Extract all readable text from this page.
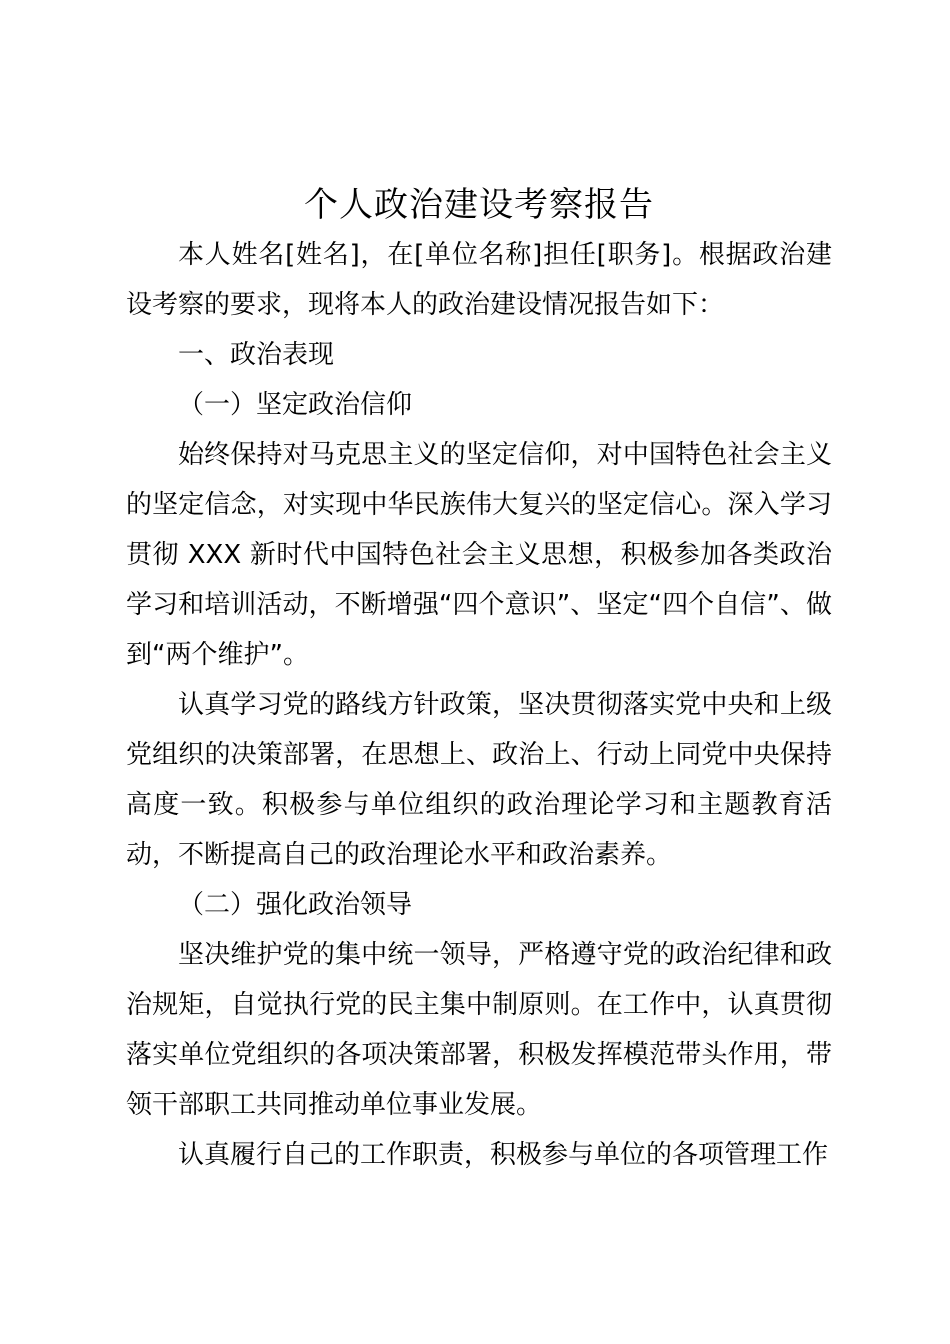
个人政治建设考察报告

本人姓名[姓名]，在[单位名称]担任[职务]。根据政治建设考察的要求，现将本人的政治建设情况报告如下：

一、政治表现

（一）坚定政治信仰

始终保持对马克思主义的坚定信仰，对中国特色社会主义的坚定信念，对实现中华民族伟大复兴的坚定信心。深入学习贯彻 XXX 新时代中国特色社会主义思想，积极参加各类政治学习和培训活动，不断增强“四个意识”、坚定“四个自信”、做到“两个维护”。

认真学习党的路线方针政策，坚决贯彻落实党中央和上级党组织的决策部署，在思想上、政治上、行动上同党中央保持高度一致。积极参与单位组织的政治理论学习和主题教育活动，不断提高自己的政治理论水平和政治素养。

（二）强化政治领导

坚决维护党的集中统一领导，严格遵守党的政治纪律和政治规矩，自觉执行党的民主集中制原则。在工作中，认真贯彻落实单位党组织的各项决策部署，积极发挥模范带头作用，带领干部职工共同推动单位事业发展。

认真履行自己的工作职责，积极参与单位的各项管理工作
